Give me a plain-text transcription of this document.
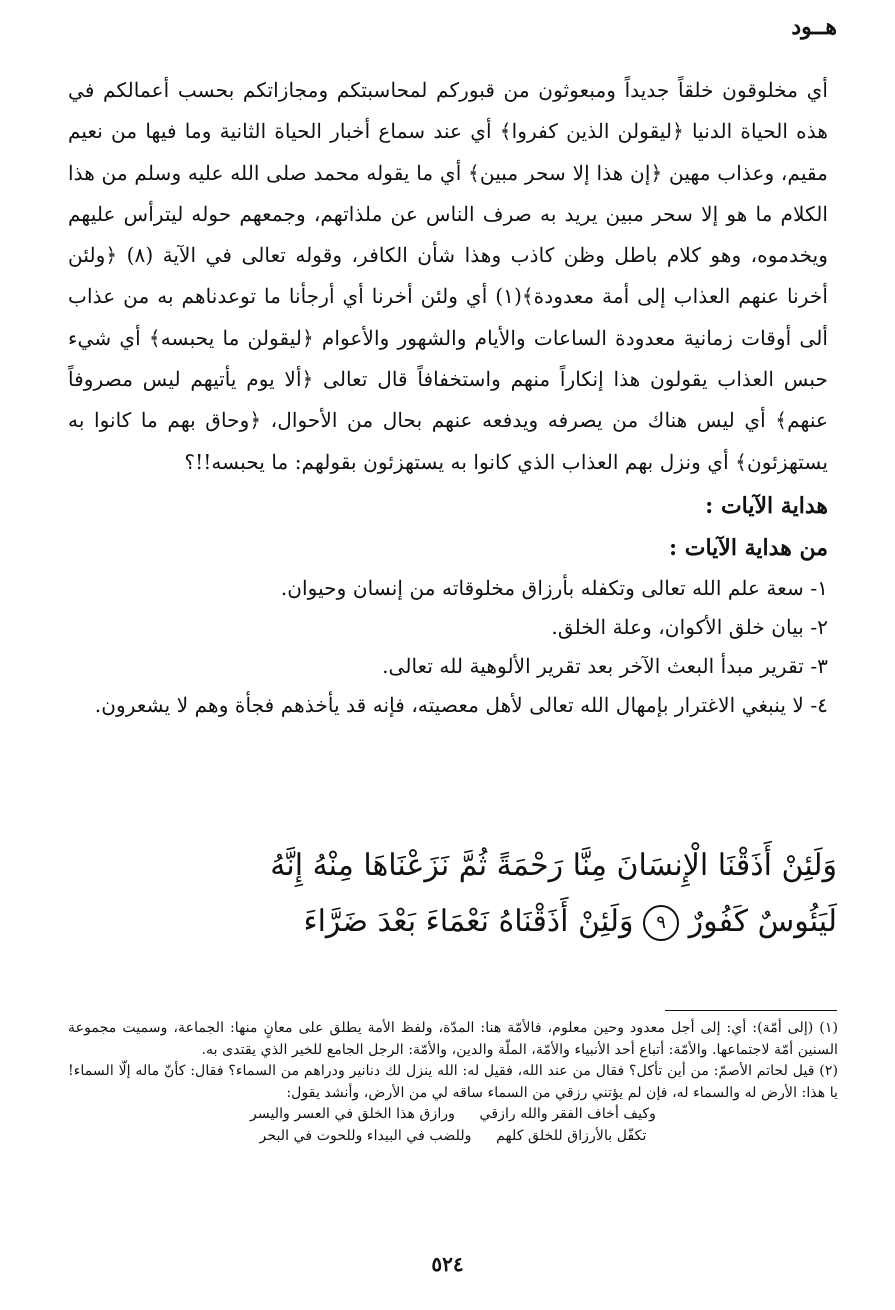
هــود

أي مخلوقون خلقاً جديداً ومبعوثون من قبوركم لمحاسبتكم ومجازاتكم بحسب أعمالكم في هذه الحياة الدنيا ﴿ليقولن الذين كفروا﴾ أي عند سماع أخبار الحياة الثانية وما فيها من نعيم مقيم، وعذاب مهين ﴿إن هذا إلا سحر مبين﴾ أي ما يقوله محمد صلى الله عليه وسلم من هذا الكلام ما هو إلا سحر مبين يريد به صرف الناس عن ملذاتهم، وجمعهم حوله ليترأس عليهم ويخدموه، وهو كلام باطل وظن كاذب وهذا شأن الكافر، وقوله تعالى في الآية (٨) ﴿ولئن أخرنا عنهم العذاب إلى أمة معدودة﴾(١) أي ولئن أخرنا أي أرجأنا ما توعدناهم به من عذاب ألى أوقات زمانية معدودة الساعات والأيام والشهور والأعوام ﴿ليقولن ما يحبسه﴾ أي شيء حبس العذاب يقولون هذا إنكاراً منهم واستخفافاً قال تعالى ﴿ألا يوم يأتيهم ليس مصروفاً عنهم﴾ أي ليس هناك من يصرفه ويدفعه عنهم بحال من الأحوال، ﴿وحاق بهم ما كانوا به يستهزئون﴾ أي ونزل بهم العذاب الذي كانوا به يستهزئون بقولهم: ما يحبسه!!؟

هداية الآيات :
من هداية الآيات :

١- سعة علم الله تعالى وتكفله بأرزاق مخلوقاته من إنسان وحيوان.

٢- بيان خلق الأكوان، وعلة الخلق.

٣- تقرير مبدأ البعث الآخر بعد تقرير الألوهية لله تعالى.

٤- لا ينبغي الاغترار بإمهال الله تعالى لأهل معصيته، فإنه قد يأخذهم فجأة وهم لا يشعرون.

وَلَئِنْ أَذَقْنَا الْإِنسَانَ مِنَّا رَحْمَةً ثُمَّ نَزَعْنَاهَا مِنْهُ إِنَّهُ
لَيَئُوسٌ كَفُورٌ ٩ وَلَئِنْ أَذَقْنَاهُ نَعْمَاءَ بَعْدَ ضَرَّاءَ

(١) (إلى أمّة): أي: إلى أجل معدود وحين معلوم، فالأمّة هنا: المدّة، ولفظ الأمة يطلق على معانٍ منها: الجماعة، وسميت مجموعة السنين أمّة لاجتماعها. والأمّة: أتباع أحد الأنبياء والأمّة، الملّة والدين، والأمّة: الرجل الجامع للخير الذي يقتدى به.

(٢) قيل لحاتم الأصمّ: من أين تأكل؟ فقال من عند الله، فقيل له: الله ينزل لك دنانير ودراهم من السماء؟ فقال: كأنّ ماله إلّا السماء! يا هذا: الأرض له والسماء له، فإن لم يؤتني رزقي من السماء ساقه لي من الأرض، وأنشد يقول:

وكيف أخاف الفقر والله رازقي ورازق هذا الخلق في العسر واليسر
تكفّل بالأرزاق للخلق كلهم وللضب في البيداء وللحوت في البحر
٥٢٤
